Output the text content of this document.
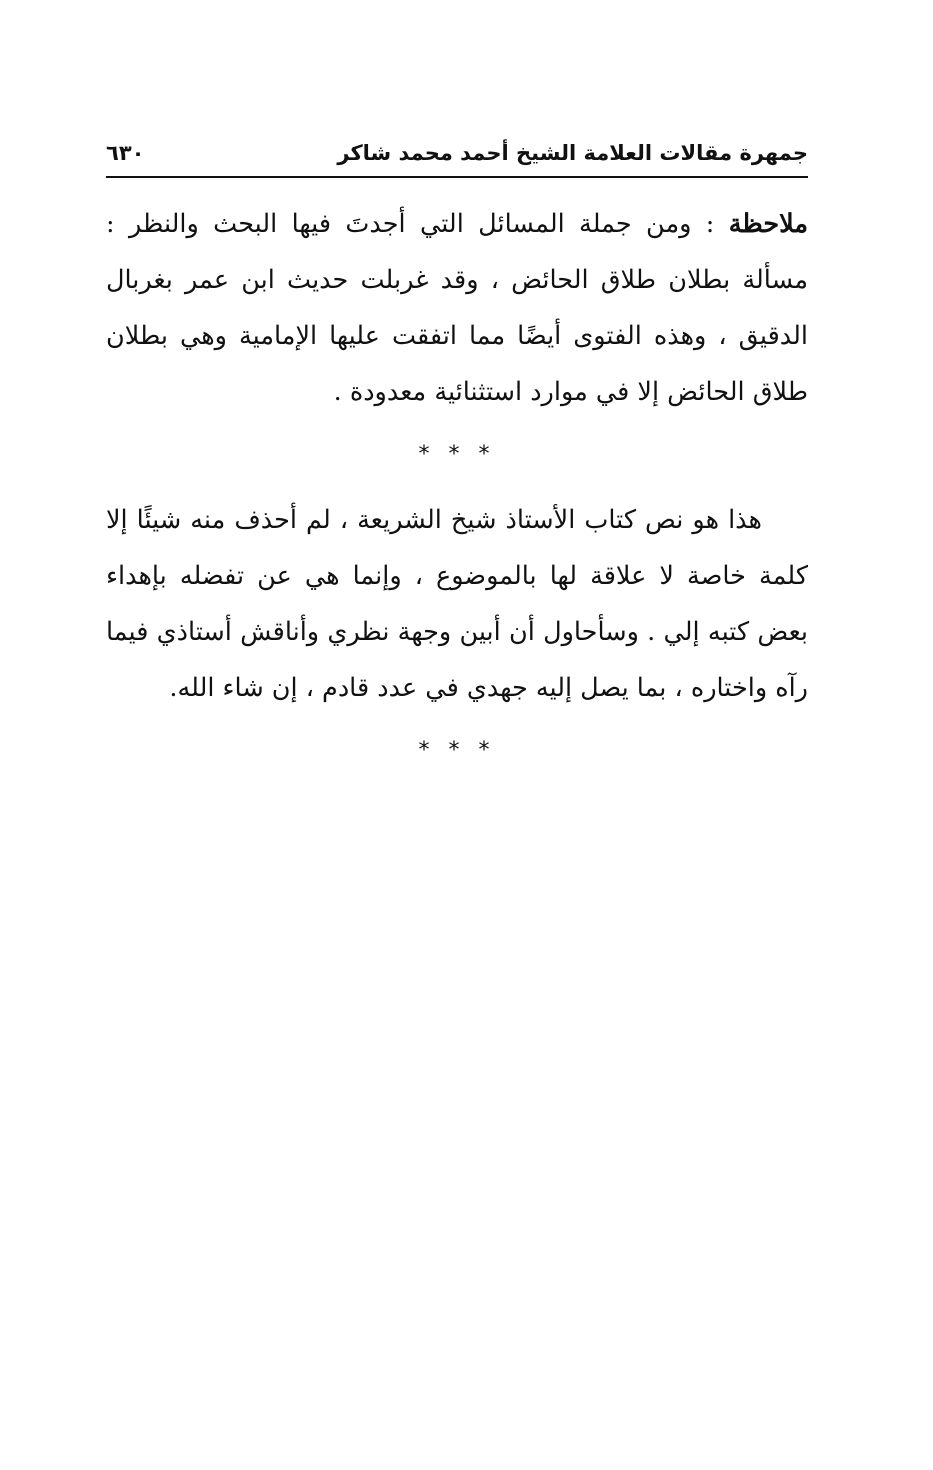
جمهرة مقالات العلامة الشيخ أحمد محمد شاكر
٦٣٠

ملاحظة : ومن جملة المسائل التي أجدتَ فيها البحث والنظر : مسألة بطلان طلاق الحائض ، وقد غربلت حديث ابن عمر بغربال الدقيق ، وهذه الفتوى أيضًا مما اتفقت عليها الإمامية وهي بطلان طلاق الحائض إلا في موارد استثنائية معدودة .

* * *

هذا هو نص كتاب الأستاذ شيخ الشريعة ، لم أحذف منه شيئًا إلا كلمة خاصة لا علاقة لها بالموضوع ، وإنما هي عن تفضله بإهداء بعض كتبه إلي . وسأحاول أن أبين وجهة نظري وأناقش أستاذي فيما رآه واختاره ، بما يصل إليه جهدي في عدد قادم ، إن شاء الله.

* * *
